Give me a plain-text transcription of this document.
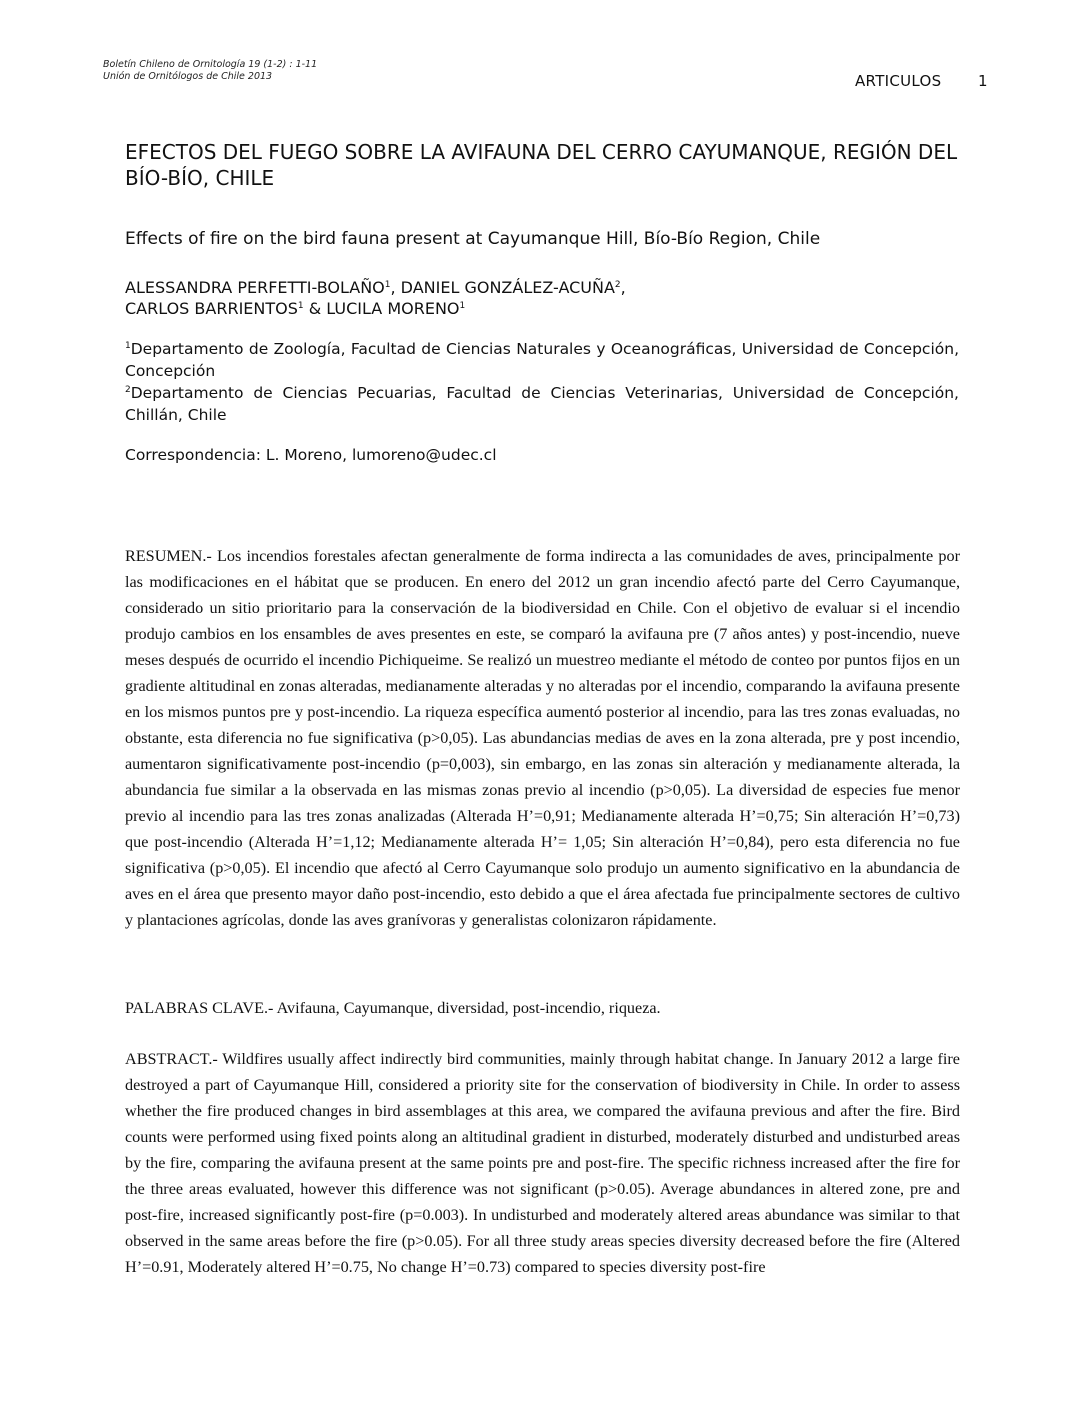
Boletín Chileno de Ornitología 19 (1-2) : 1-11
Unión de Ornitólogos de Chile 2013	ARTICULOS 1
EFECTOS DEL FUEGO SOBRE LA AVIFAUNA DEL CERRO CAYUMANQUE, REGIÓN DEL BÍO-BÍO, CHILE
Effects of fire on the bird fauna present at Cayumanque Hill, Bío-Bío Region, Chile
ALESSANDRA PERFETTI-BOLAÑO$^1$, DANIEL GONZÁLEZ-ACUÑA$^2$,
CARLOS BARRIENTOS$^1$ & LUCILA MORENO$^1$
$^1$Departamento de Zoología, Facultad de Ciencias Naturales y Oceanográficas, Universidad de Concepción, Concepción
$^2$Departamento de Ciencias Pecuarias, Facultad de Ciencias Veterinarias, Universidad de Concepción, Chillán, Chile
Correspondencia: L. Moreno, lumoreno@udec.cl

RESUMEN.- Los incendios forestales afectan generalmente de forma indirecta a las comunidades de aves, principalmente por las modificaciones en el hábitat que se producen. En enero del 2012 un gran incendio afectó parte del Cerro Cayumanque, considerado un sitio prioritario para la conservación de la biodiversidad en Chile. Con el objetivo de evaluar si el incendio produjo cambios en los ensambles de aves presentes en este, se comparó la avifauna pre (7 años antes) y post-incendio, nueve meses después de ocurrido el incendio Pichiqueime. Se realizó un muestreo mediante el método de conteo por puntos fijos en un gradiente altitudinal en zonas alteradas, medianamente alteradas y no alteradas por el incendio, comparando la avifauna presente en los mismos puntos pre y post-incendio. La riqueza específica aumentó posterior al incendio, para las tres zonas evaluadas, no obstante, esta diferencia no fue significativa (p>0,05). Las abundancias medias de aves en la zona alterada, pre y post incendio, aumentaron significativamente post-incendio (p=0,003), sin embargo, en las zonas sin alteración y medianamente alterada, la abundancia fue similar a la observada en las mismas zonas previo al incendio (p>0,05). La diversidad de especies fue menor previo al incendio para las tres zonas analizadas (Alterada H’=0,91; Medianamente alterada H’=0,75; Sin alteración H’=0,73) que post-incendio (Alterada H’=1,12; Medianamente alterada H’= 1,05; Sin alteración H’=0,84), pero esta diferencia no fue significativa (p>0,05). El incendio que afectó al Cerro Cayumanque solo produjo un aumento significativo en la abundancia de aves en el área que presento mayor daño post-incendio, esto debido a que el área afectada fue principalmente sectores de cultivo y plantaciones agrícolas, donde las aves granívoras y generalistas colonizaron rápidamente.

PALABRAS CLAVE.- Avifauna, Cayumanque, diversidad, post-incendio, riqueza.

ABSTRACT.- Wildfires usually affect indirectly bird communities, mainly through habitat change. In January 2012 a large fire destroyed a part of Cayumanque Hill, considered a priority site for the conservation of biodiversity in Chile. In order to assess whether the fire produced changes in bird assemblages at this area, we compared the avifauna previous and after the fire. Bird counts were performed using fixed points along an altitudinal gradient in disturbed, moderately disturbed and undisturbed areas by the fire, comparing the avifauna present at the same points pre and post-fire. The specific richness increased after the fire for the three areas evaluated, however this difference was not significant (p>0.05). Average abundances in altered zone, pre and post-fire, increased significantly post-fire (p=0.003). In undisturbed and moderately altered areas abundance was similar to that observed in the same areas before the fire (p>0.05). For all three study areas species diversity decreased before the fire (Altered H’=0.91, Moderately altered H’=0.75, No change H’=0.73) compared to species diversity post-fire
